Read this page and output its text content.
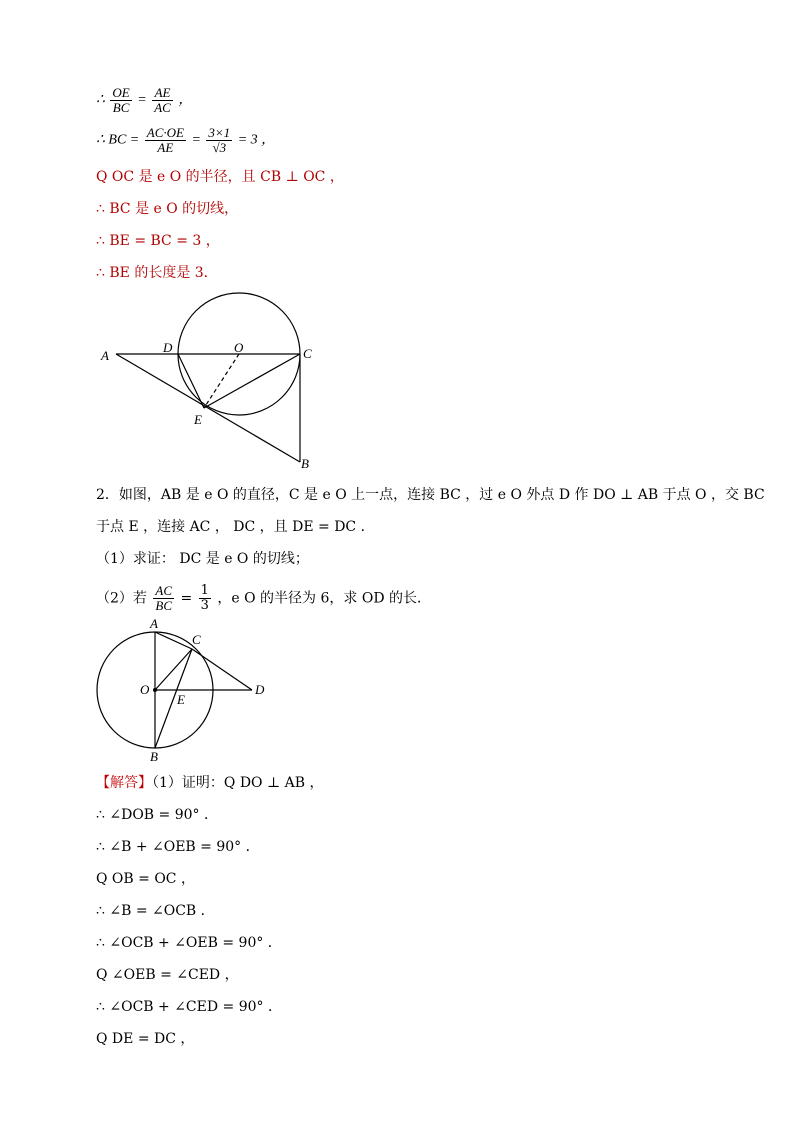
∴ $\frac{OE}{BC} = \frac{AE}{AC}$ ，
∴ BC = $\frac{AC\cdot OE}{AE} = \frac{3\times 1}{√3} = 3$ ，
Q OC 是 e O 的半径，且 CB ⊥ OC ，
∴ BC 是 e O 的切线，
∴ BE = BC = 3 ，
∴ BE 的长度是 3．
A
D	O	C
E
B
2．如图，AB 是 e O 的直径，C 是 e O 上一点，连接 BC ，过 e O 外点 D 作 DO ⊥ AB 于点 O ，交 BC
于点 E ，连接 AC ， DC ，且 DE = DC ．
（1）求证： DC 是 e O 的切线；
（2）若 $\frac{AC}{BC} = \frac{1}{3}$ ，e O 的半径为 6，求 OD 的长．
A
C
O
E
D
B
【解答】（1）证明：Q DO ⊥ AB ，
∴ ∠DOB = 90° ．
∴ ∠B + ∠OEB = 90° ．
Q OB = OC ，
∴ ∠B = ∠OCB ．
∴ ∠OCB + ∠OEB = 90° ．
Q ∠OEB = ∠CED ，
∴ ∠OCB + ∠CED = 90° ．
Q DE = DC ，
